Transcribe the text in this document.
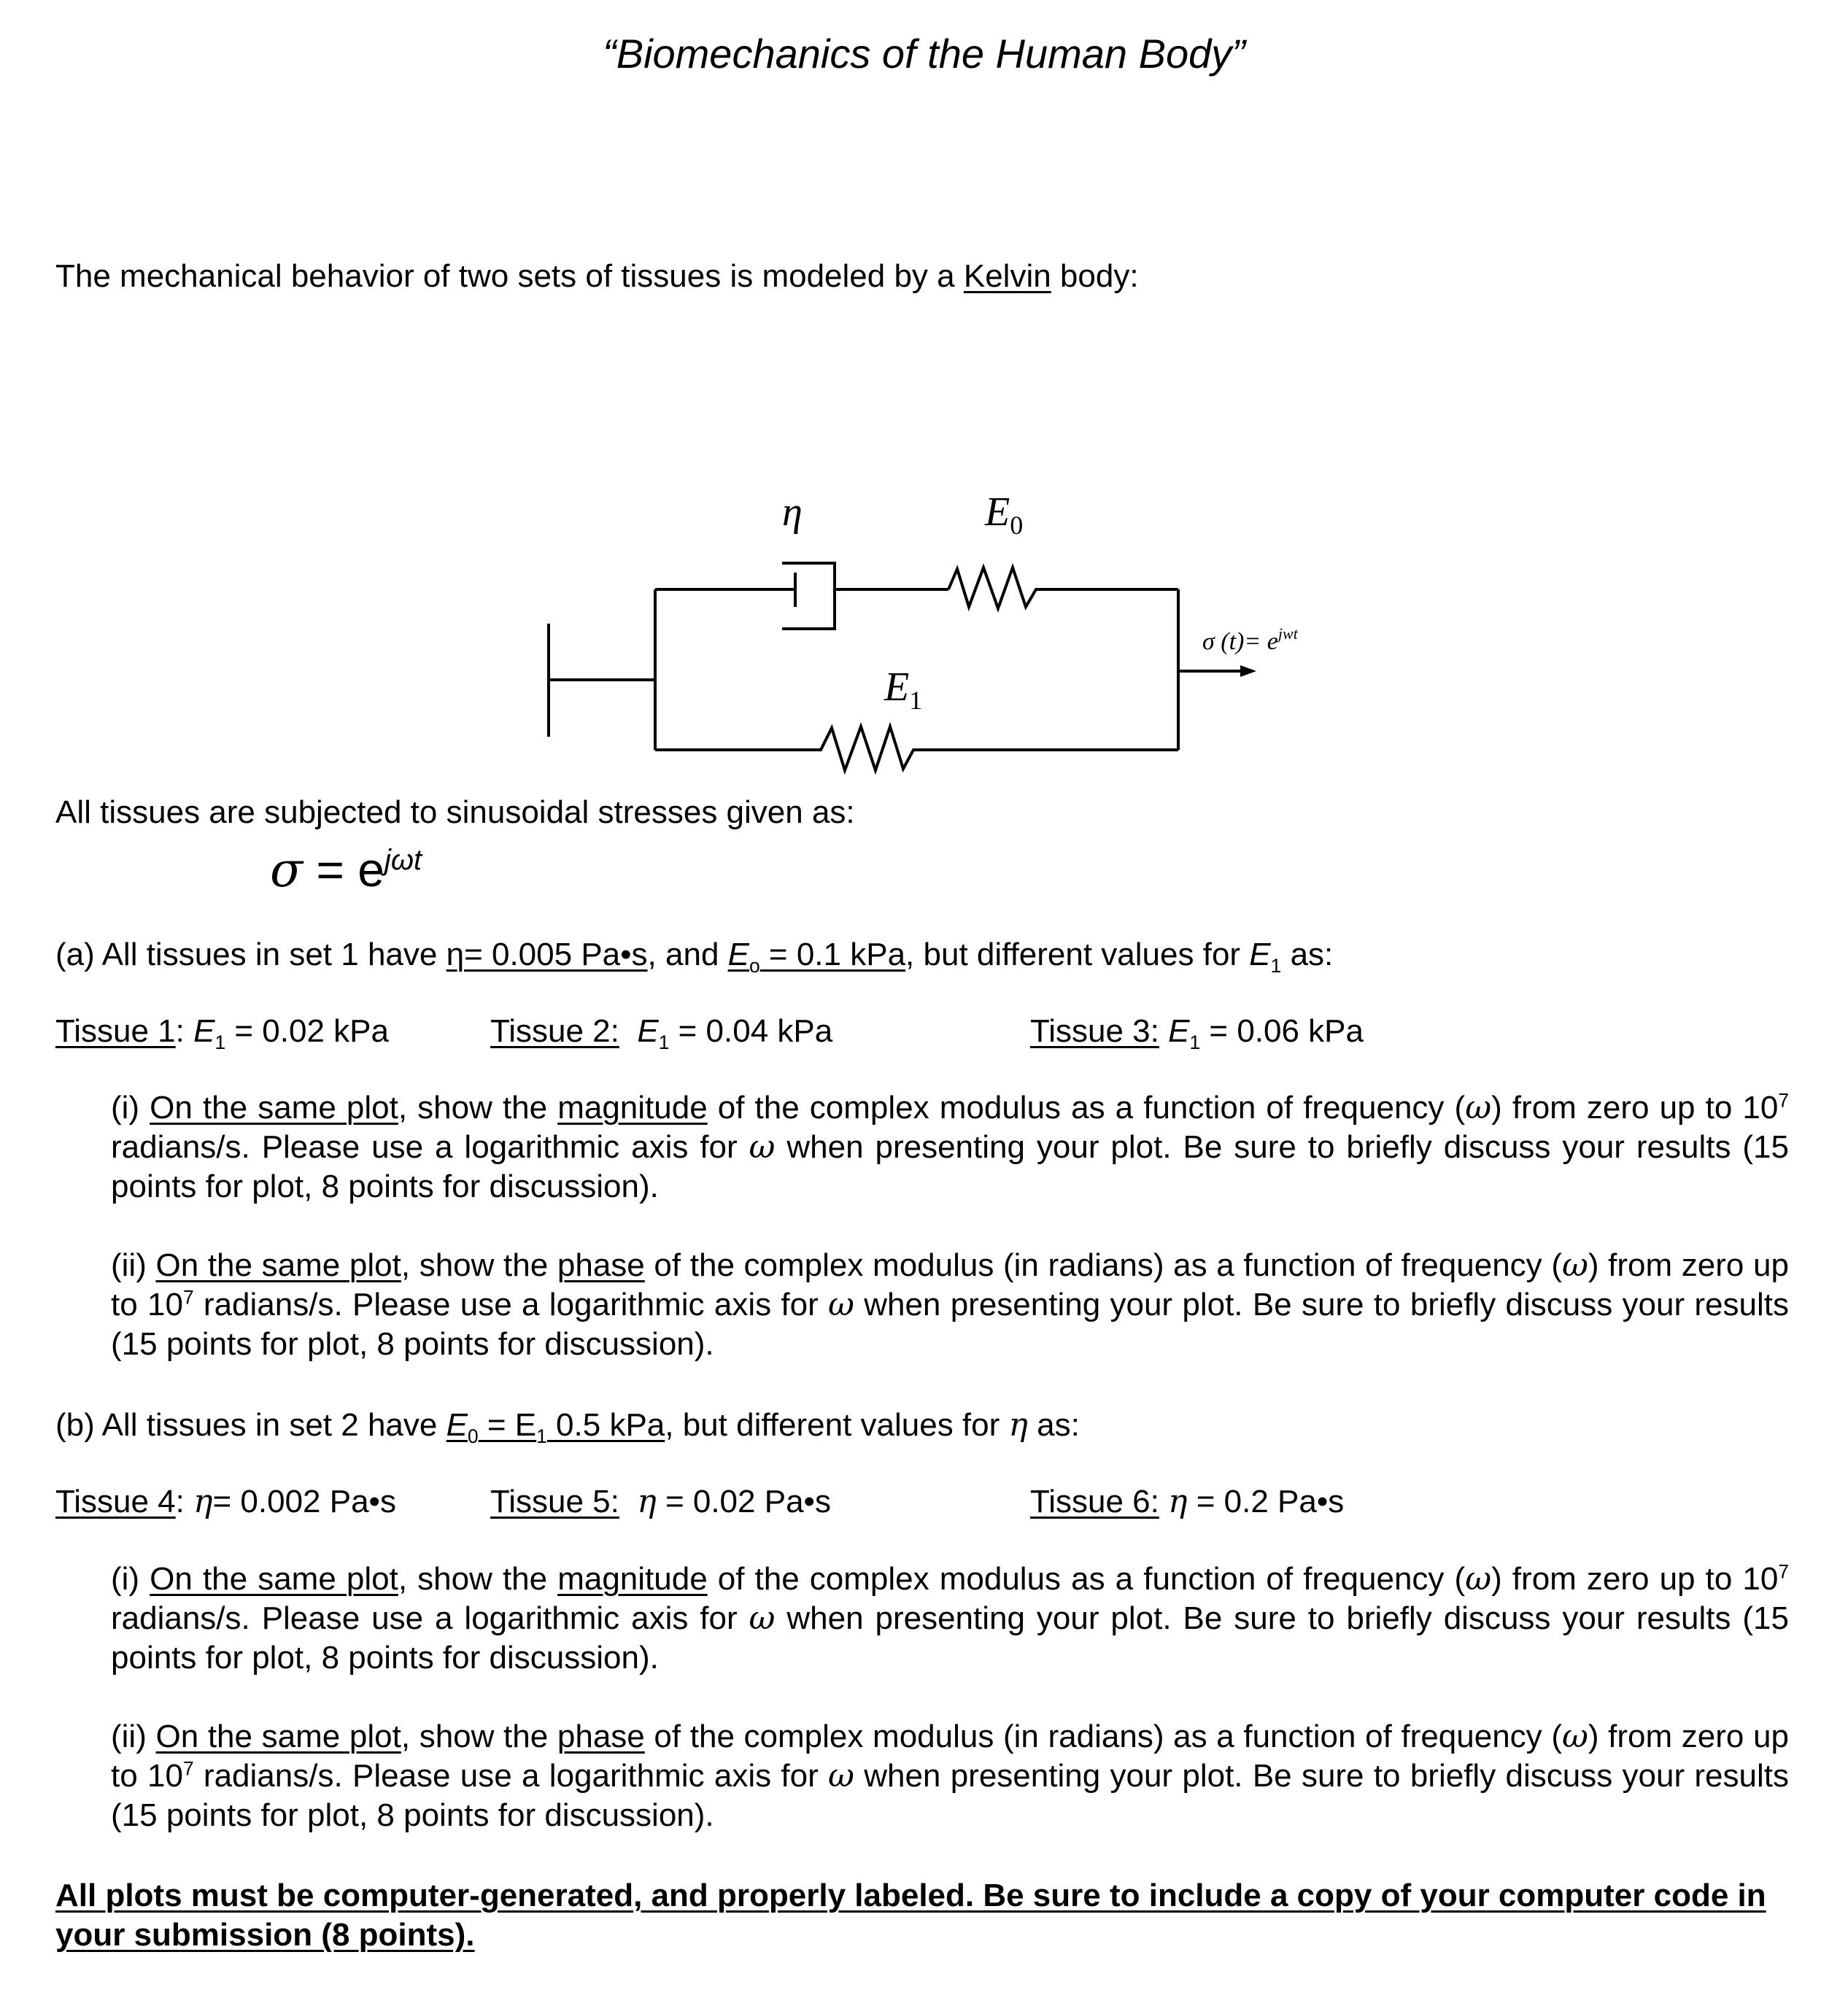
“Biomechanics of the Human Body”
The mechanical behavior of two sets of tissues is modeled by a Kelvin body:
η	$E_0$
$E_1$
σ $(t)= e^{jwt}$
All tissues are subjected to sinusoidal stresses given as:
$\sigma = e^{j\omega t}$
(a) All tissues in set 1 have η= 0.005 Pa•s, and $E_o = 0.1$ kPa, but different values for $E_1$ as:
Tissue 1: $E_1 = 0.02$ kPa	Tissue 2: $E_1 = 0.04$ kPa	Tissue 3: $E_1 = 0.06$ kPa
(i) On the same plot, show the magnitude of the complex modulus as a function of frequency (ω) from zero up to $10^7$ radians/s. Please use a logarithmic axis for ω when presenting your plot. Be sure to briefly discuss your results (15 points for plot, 8 points for discussion).
(ii) On the same plot, show the phase of the complex modulus (in radians) as a function of frequency (ω) from zero up to $10^7$ radians/s. Please use a logarithmic axis for ω when presenting your plot. Be sure to briefly discuss your results (15 points for plot, 8 points for discussion).
(b) All tissues in set 2 have $E_0 = E_1$ 0.5 kPa, but different values for η as:
Tissue 4: η= 0.002 Pa•s	Tissue 5: η = 0.02 Pa•s	Tissue 6: η = 0.2 Pa•s
(i) On the same plot, show the magnitude of the complex modulus as a function of frequency (ω) from zero up to $10^7$ radians/s. Please use a logarithmic axis for ω when presenting your plot. Be sure to briefly discuss your results (15 points for plot, 8 points for discussion).
(ii) On the same plot, show the phase of the complex modulus (in radians) as a function of frequency (ω) from zero up to $10^7$ radians/s. Please use a logarithmic axis for ω when presenting your plot. Be sure to briefly discuss your results (15 points for plot, 8 points for discussion).
All plots must be computer-generated, and properly labeled. Be sure to include a copy of your computer code in your submission (8 points).
